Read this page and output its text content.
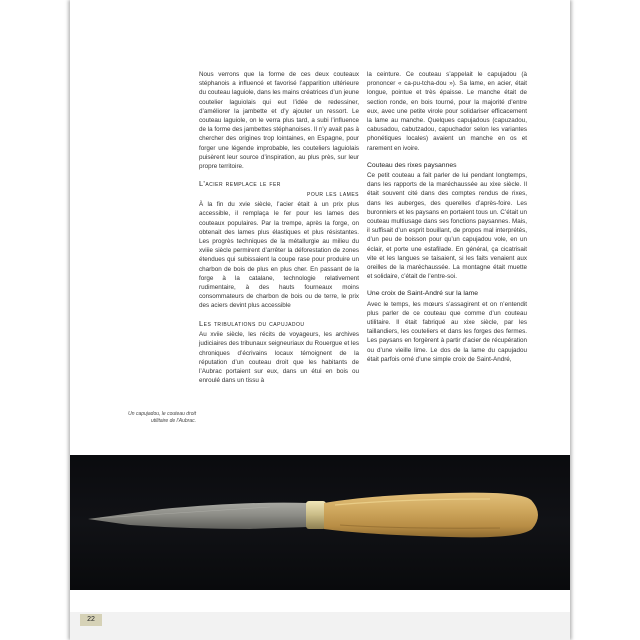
Nous verrons que la forme de ces deux couteaux stéphanois a influencé et favorisé l’apparition ultérieure du couteau laguiole, dans les mains créatrices d’un jeune coutelier laguiolais qui eut l’idée de redessiner, d’améliorer la jambette et d’y ajouter un ressort. Le couteau laguiole, on le verra plus tard, a subi l’influence de la forme des jambettes stéphanoises. Il n’y avait pas à chercher des origines trop lointaines, en Espagne, pour forger une légende improbable, les couteliers laguiolais puisèrent leur source d’inspiration, au plus près, sur leur propre territoire.

L’acier remplace le fer
pour les lames

À la fin du xvie siècle, l’acier était à un prix plus accessible, il remplaça le fer pour les lames des couteaux populaires. Par la trempe, après la forge, on obtenait des lames plus élastiques et plus résistantes. Les progrès techniques de la métallurgie au milieu du xviiie siècle permirent d’arrêter la déforestation de zones étendues qui subissaient la coupe rase pour produire un charbon de bois de plus en plus cher. En passant de la forge à la catalane, technologie relativement rudimentaire, à des hauts fourneaux moins consommateurs de charbon de bois ou de terre, le prix des aciers devint plus accessible

Les tribulations du capujadou

Au xviie siècle, les récits de voyageurs, les archives judiciaires des tribunaux seigneuriaux du Rouergue et les chroniques d’écrivains locaux témoignent de la réputation d’un couteau droit que les habitants de l’Aubrac portaient sur eux, dans un étui en bois ou enroulé dans un tissu à

la ceinture. Ce couteau s’appelait le capujadou (à prononcer « ca-pu-tcha-dou »). Sa lame, en acier, était longue, pointue et très épaisse. Le manche était de section ronde, en bois tourné, pour la majorité d’entre eux, avec une petite virole pour solidariser efficacement la lame au manche. Quelques capujadous (capuzadou, cabusadou, cabutzadou, capuchador selon les variantes phonétiques locales) avaient un manche en os et rarement en ivoire.

Couteau des rixes paysannes

Ce petit couteau a fait parler de lui pendant longtemps, dans les rapports de la maréchaussée au xixe siècle. Il était souvent cité dans des comptes rendus de rixes, dans les auberges, des querelles d’après-foire. Les buronniers et les paysans en portaient tous un. C’était un couteau multiusage dans ses fonctions paysannes. Mais, il suffisait d’un esprit bouillant, de propos mal interprétés, d’un peu de boisson pour qu’un capujadou vole, en un éclair, et porte une estafilade. En général, ça cicatrisait vite et les langues se taisaient, si les faits venaient aux oreilles de la maréchaussée. La montagne était muette et solidaire, c’était de l’entre-soi.

Une croix de Saint-André sur la lame

Avec le temps, les mœurs s’assagirent et on n’entendit plus parler de ce couteau que comme d’un couteau utilitaire. Il était fabriqué au xixe siècle, par les taillandiers, les couteliers et dans les forges des fermes. Les paysans en forgèrent à partir d’acier de récupération ou d’une vieille lime. Le dos de la lame du capujadou était parfois orné d’une simple croix de Saint-André,

Un capujadou, le couteau droit utilitaire de l’Aubrac.
22
